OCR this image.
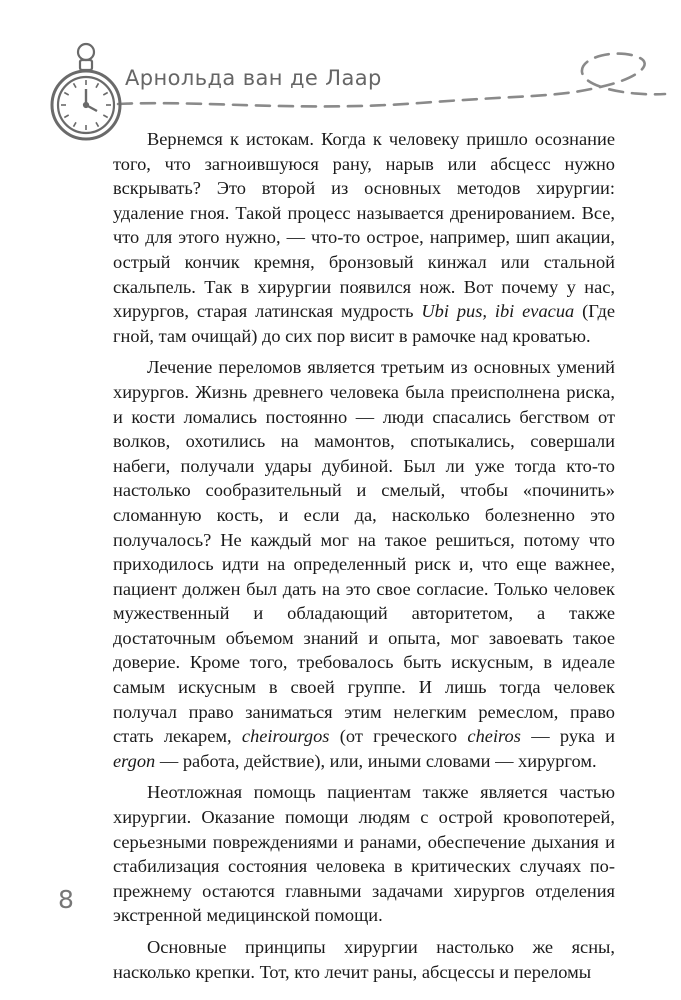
Арнольда ван де Лаар

Вернемся к истокам. Когда к человеку пришло осознание того, что загноившуюся рану, нарыв или абсцесс нужно вскрывать? Это второй из основных методов хирургии: удаление гноя. Такой процесс называется дренированием. Все, что для этого нужно, — что-то острое, например, шип акации, острый кончик кремня, бронзовый кинжал или стальной скальпель. Так в хирургии появился нож. Вот почему у нас, хирургов, старая латинская мудрость Ubi pus, ibi evacua (Где гной, там очищай) до сих пор висит в рамочке над кроватью.

Лечение переломов является третьим из основных умений хирургов. Жизнь древнего человека была преисполнена риска, и кости ломались постоянно — люди спасались бегством от волков, охотились на мамонтов, спотыкались, совершали набеги, получали удары дубиной. Был ли уже тогда кто-то настолько сообразительный и смелый, чтобы «починить» сломанную кость, и если да, насколько болезненно это получалось? Не каждый мог на такое решиться, потому что приходилось идти на определенный риск и, что еще важнее, пациент должен был дать на это свое согласие. Только человек мужественный и обладающий авторитетом, а также достаточным объемом знаний и опыта, мог завоевать такое доверие. Кроме того, требовалось быть искусным, в идеале самым искусным в своей группе. И лишь тогда человек получал право заниматься этим нелегким ремеслом, право стать лекарем, cheirourgos (от греческого cheiros — рука и ergon — работа, действие), или, иными словами — хирургом.

Неотложная помощь пациентам также является частью хирургии. Оказание помощи людям с острой кровопотерей, серьезными повреждениями и ранами, обеспечение дыхания и стабилизация состояния человека в критических случаях по-прежнему остаются главными задачами хирургов отделения экстренной медицинской помощи.

Основные принципы хирургии настолько же ясны, насколько крепки. Тот, кто лечит раны, абсцессы и переломы

8
